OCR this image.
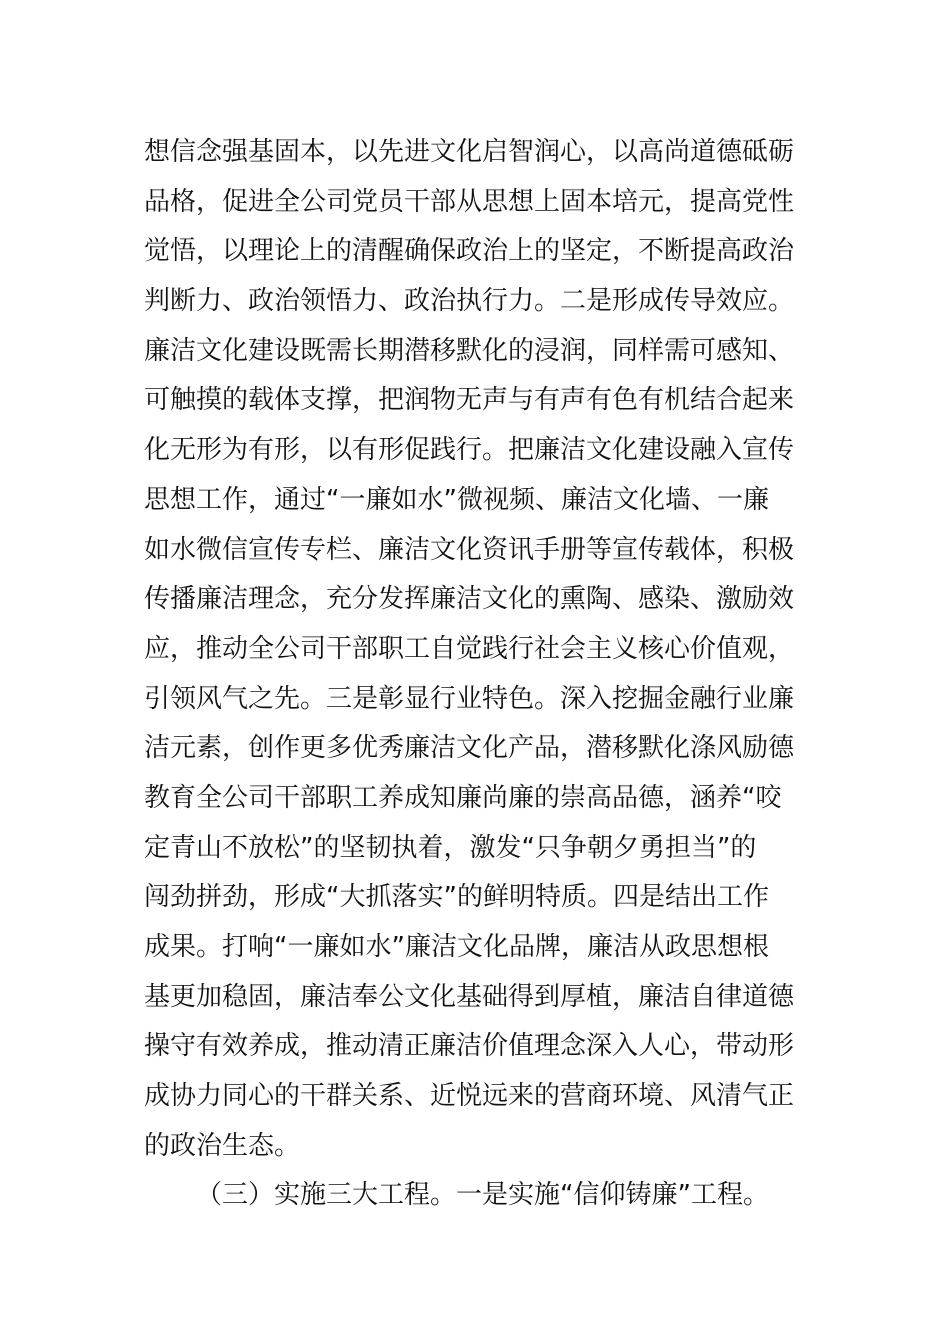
想信念强基固本，以先进文化启智润心，以高尚道德砥砺
品格，促进全公司党员干部从思想上固本培元，提高党性
觉悟，以理论上的清醒确保政治上的坚定，不断提高政治
判断力、政治领悟力、政治执行力。二是形成传导效应。
廉洁文化建设既需长期潜移默化的浸润，同样需可感知、
可触摸的载体支撑，把润物无声与有声有色有机结合起来
化无形为有形，以有形促践行。把廉洁文化建设融入宣传
思想工作，通过“一廉如水”微视频、廉洁文化墙、一廉
如水微信宣传专栏、廉洁文化资讯手册等宣传载体，积极
传播廉洁理念，充分发挥廉洁文化的熏陶、感染、激励效
应，推动全公司干部职工自觉践行社会主义核心价值观，
引领风气之先。三是彰显行业特色。深入挖掘金融行业廉
洁元素，创作更多优秀廉洁文化产品，潜移默化涤风励德
教育全公司干部职工养成知廉尚廉的崇高品德，涵养“咬
定青山不放松”的坚韧执着，激发“只争朝夕勇担当”的
闯劲拼劲，形成“大抓落实”的鲜明特质。四是结出工作
成果。打响“一廉如水”廉洁文化品牌，廉洁从政思想根
基更加稳固，廉洁奉公文化基础得到厚植，廉洁自律道德
操守有效养成，推动清正廉洁价值理念深入人心，带动形
成协力同心的干群关系、近悦远来的营商环境、风清气正
的政治生态。
（三）实施三大工程。一是实施“信仰铸廉”工程。
